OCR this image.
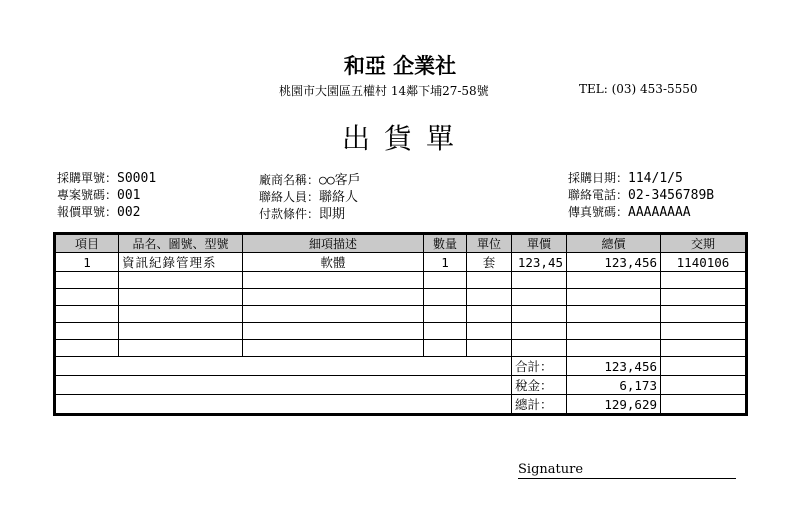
和亞 企業社
桃園市大園區五權村 14鄰下埔27-58號	TEL: (03) 453-5550
出貨單
採購單號：S0001
專案號碼：001
報價單號：002
廠商名稱：○○客戶
聯絡人員：聯絡人
付款條件：即期
採購日期：114/1/5
聯絡電話：02-3456789B
傳真號碼：AAAAAAAA
項目	品名、圖號、型號	細項描述	數量	單位	單價	總價	交期
1	資訊紀錄管理系	軟體	1	套	123,45	123,456	1140106

					合計：	123,456	
					稅金：	6,173	
					總計：	129,629	
Signature
